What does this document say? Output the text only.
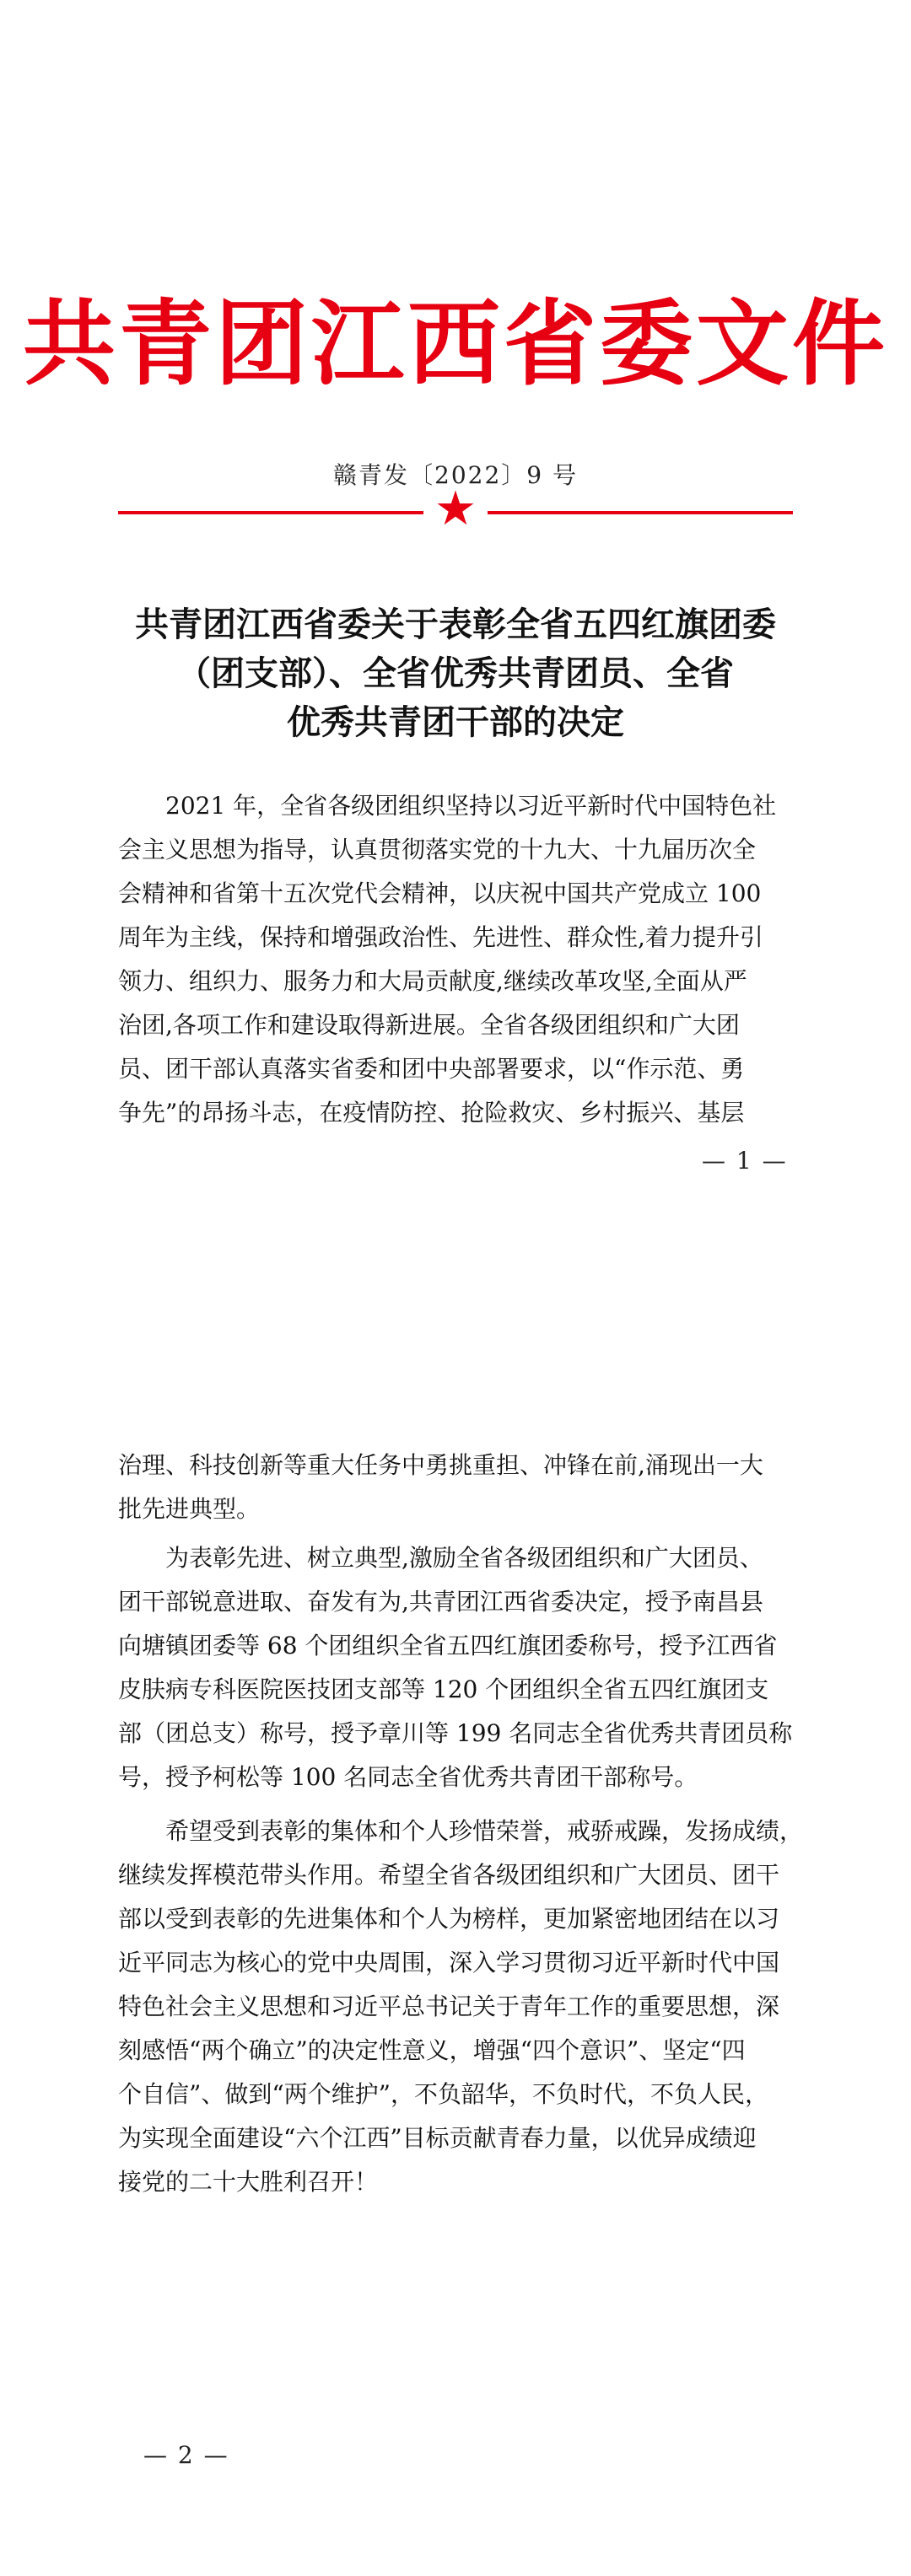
共青团江西省委文件
赣青发〔2022〕9 号
★
共青团江西省委关于表彰全省五四红旗团委
（团支部）、全省优秀共青团员、全省
优秀共青团干部的决定
2021 年，全省各级团组织坚持以习近平新时代中国特色社
会主义思想为指导，认真贯彻落实党的十九大、十九届历次全
会精神和省第十五次党代会精神，以庆祝中国共产党成立 100
周年为主线，保持和增强政治性、先进性、群众性,着力提升引
领力、组织力、服务力和大局贡献度,继续改革攻坚,全面从严
治团,各项工作和建设取得新进展。全省各级团组织和广大团
员、团干部认真落实省委和团中央部署要求，以“作示范、勇
争先”的昂扬斗志，在疫情防控、抢险救灾、乡村振兴、基层
— 1 —
治理、科技创新等重大任务中勇挑重担、冲锋在前,涌现出一大
批先进典型。
为表彰先进、树立典型,激励全省各级团组织和广大团员、
团干部锐意进取、奋发有为,共青团江西省委决定，授予南昌县
向塘镇团委等 68 个团组织全省五四红旗团委称号，授予江西省
皮肤病专科医院医技团支部等 120 个团组织全省五四红旗团支
部（团总支）称号，授予章川等 199 名同志全省优秀共青团员称
号，授予柯松等 100 名同志全省优秀共青团干部称号。
希望受到表彰的集体和个人珍惜荣誉，戒骄戒躁，发扬成绩，
继续发挥模范带头作用。希望全省各级团组织和广大团员、团干
部以受到表彰的先进集体和个人为榜样，更加紧密地团结在以习
近平同志为核心的党中央周围，深入学习贯彻习近平新时代中国
特色社会主义思想和习近平总书记关于青年工作的重要思想，深
刻感悟“两个确立”的决定性意义，增强“四个意识”、坚定“四
个自信”、做到“两个维护”，不负韶华，不负时代，不负人民，
为实现全面建设“六个江西”目标贡献青春力量，以优异成绩迎
接党的二十大胜利召开！
— 2 —
